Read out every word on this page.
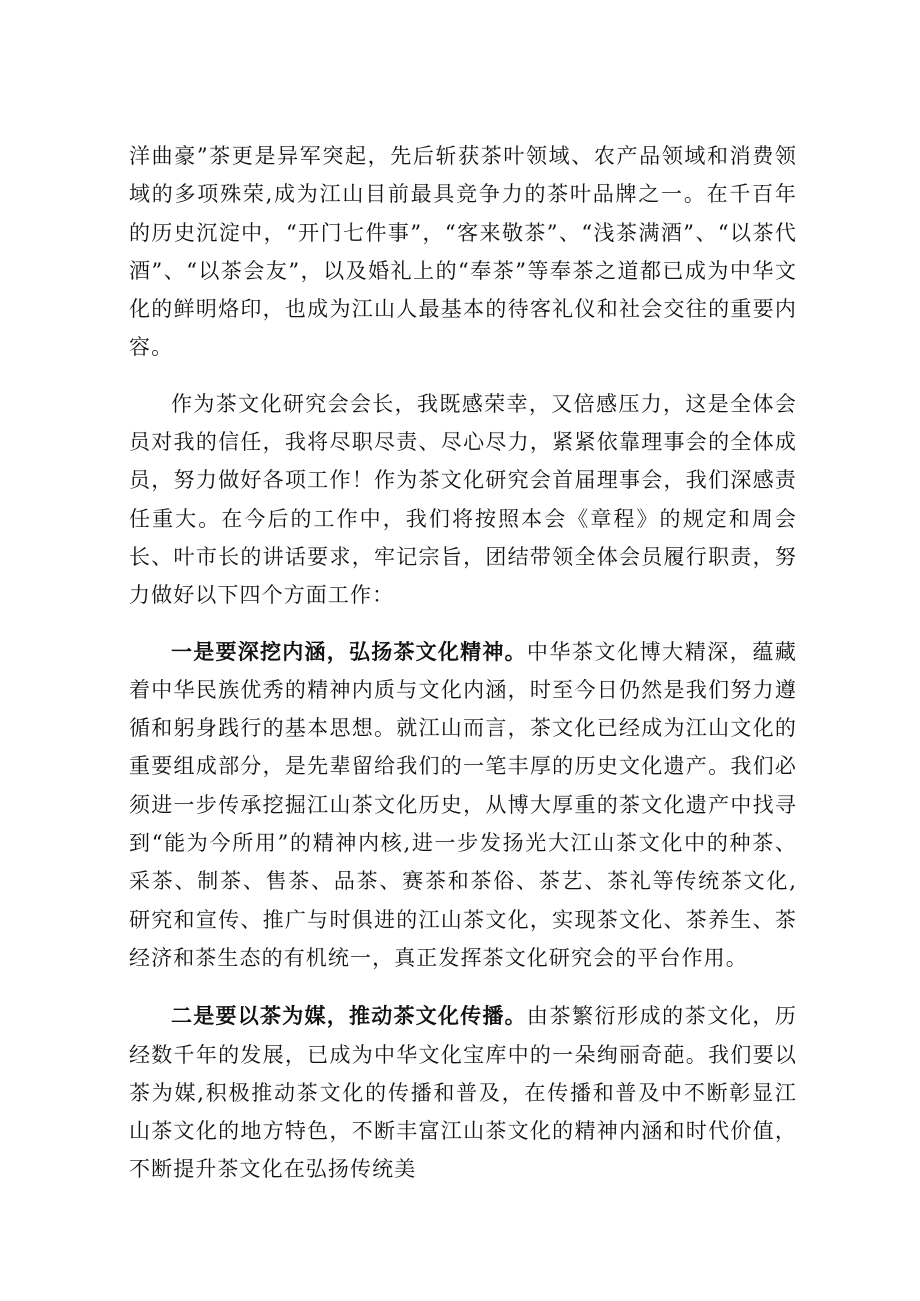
洋曲豪”茶更是异军突起，先后斩获茶叶领域、农产品领域和消费领域的多项殊荣,成为江山目前最具竞争力的茶叶品牌之一。在千百年的历史沉淀中，“开门七件事”，“客来敬茶”、“浅茶满酒”、“以茶代酒”、“以茶会友”，以及婚礼上的“奉茶”等奉茶之道都已成为中华文化的鲜明烙印，也成为江山人最基本的待客礼仪和社会交往的重要内容。

作为茶文化研究会会长，我既感荣幸，又倍感压力，这是全体会员对我的信任，我将尽职尽责、尽心尽力，紧紧依靠理事会的全体成员，努力做好各项工作！作为茶文化研究会首届理事会，我们深感责任重大。在今后的工作中，我们将按照本会《章程》的规定和周会长、叶市长的讲话要求，牢记宗旨，团结带领全体会员履行职责，努力做好以下四个方面工作：

一是要深挖内涵，弘扬茶文化精神。中华茶文化博大精深，蕴藏着中华民族优秀的精神内质与文化内涵，时至今日仍然是我们努力遵循和躬身践行的基本思想。就江山而言，茶文化已经成为江山文化的重要组成部分，是先辈留给我们的一笔丰厚的历史文化遗产。我们必须进一步传承挖掘江山茶文化历史，从博大厚重的茶文化遗产中找寻到“能为今所用”的精神内核,进一步发扬光大江山茶文化中的种茶、采茶、制茶、售茶、品茶、赛茶和茶俗、茶艺、茶礼等传统茶文化,研究和宣传、推广与时俱进的江山茶文化，实现茶文化、茶养生、茶经济和茶生态的有机统一，真正发挥茶文化研究会的平台作用。

二是要以茶为媒，推动茶文化传播。由茶繁衍形成的茶文化，历经数千年的发展，已成为中华文化宝库中的一朵绚丽奇葩。我们要以茶为媒,积极推动茶文化的传播和普及，在传播和普及中不断彰显江山茶文化的地方特色，不断丰富江山茶文化的精神内涵和时代价值，不断提升茶文化在弘扬传统美
